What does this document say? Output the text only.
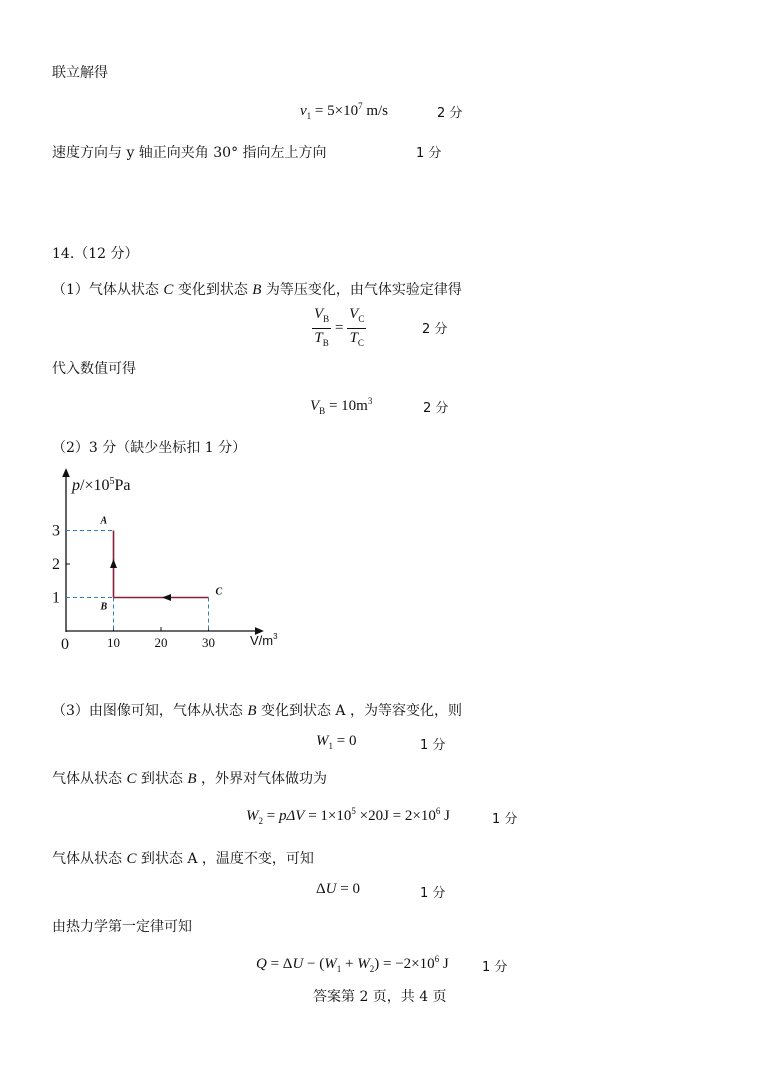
联立解得
$v_1 = 5\times 10^7$ m/s	2 分
速度方向与 y 轴正向夹角 30° 指向左上方向	1 分
14.（12 分）
（1）气体从状态 C 变化到状态 B 为等压变化，由气体实验定律得
$\frac{V_B}{T_B} = \frac{V_C}{T_C}$	2 分
代入数值可得
$V_B = 10m^3$	2 分
（2）3 分（缺少坐标扣 1 分）
10	20	30
1
2
3
A
B
C
$p/\times 10^5Pa$
$V/m^3$
0
（3）由图像可知，气体从状态 B 变化到状态 A ，为等容变化，则
$W_1 = 0$	1 分
气体从状态 C 到状态 B ，外界对气体做功为
$W_2 = p\Delta V = 1\times 10^5 \times 20J = 2\times 10^6$ J	1 分
气体从状态 C 到状态 A ，温度不变，可知
ΔU = 0	1 分
由热力学第一定律可知
$Q = \Delta U - (W_1 + W_2) = -2\times 10^6$ J	1 分
答案第 2 页，共 4 页
